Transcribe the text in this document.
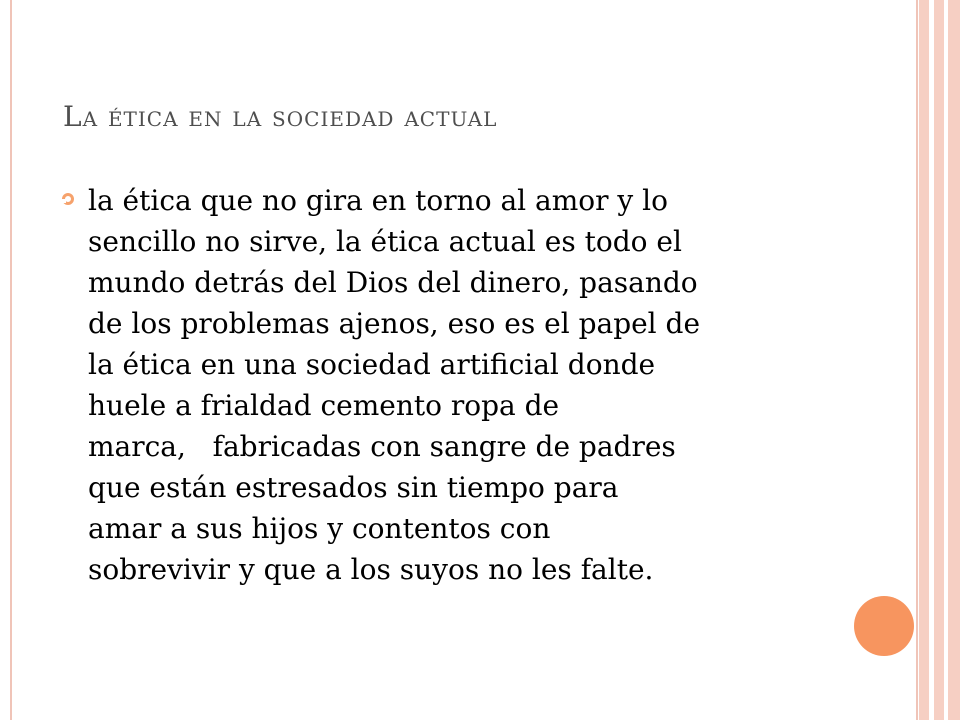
La ética en la sociedad actual
la ética que no gira en torno al amor y lo
sencillo no sirve, la ética actual es todo el
mundo detrás del Dios del dinero, pasando
de los problemas ajenos, eso es el papel de
la ética en una sociedad artificial donde
huele a frialdad cemento ropa de
marca,   fabricadas con sangre de padres
que están estresados sin tiempo para
amar a sus hijos y contentos con
sobrevivir y que a los suyos no les falte.
